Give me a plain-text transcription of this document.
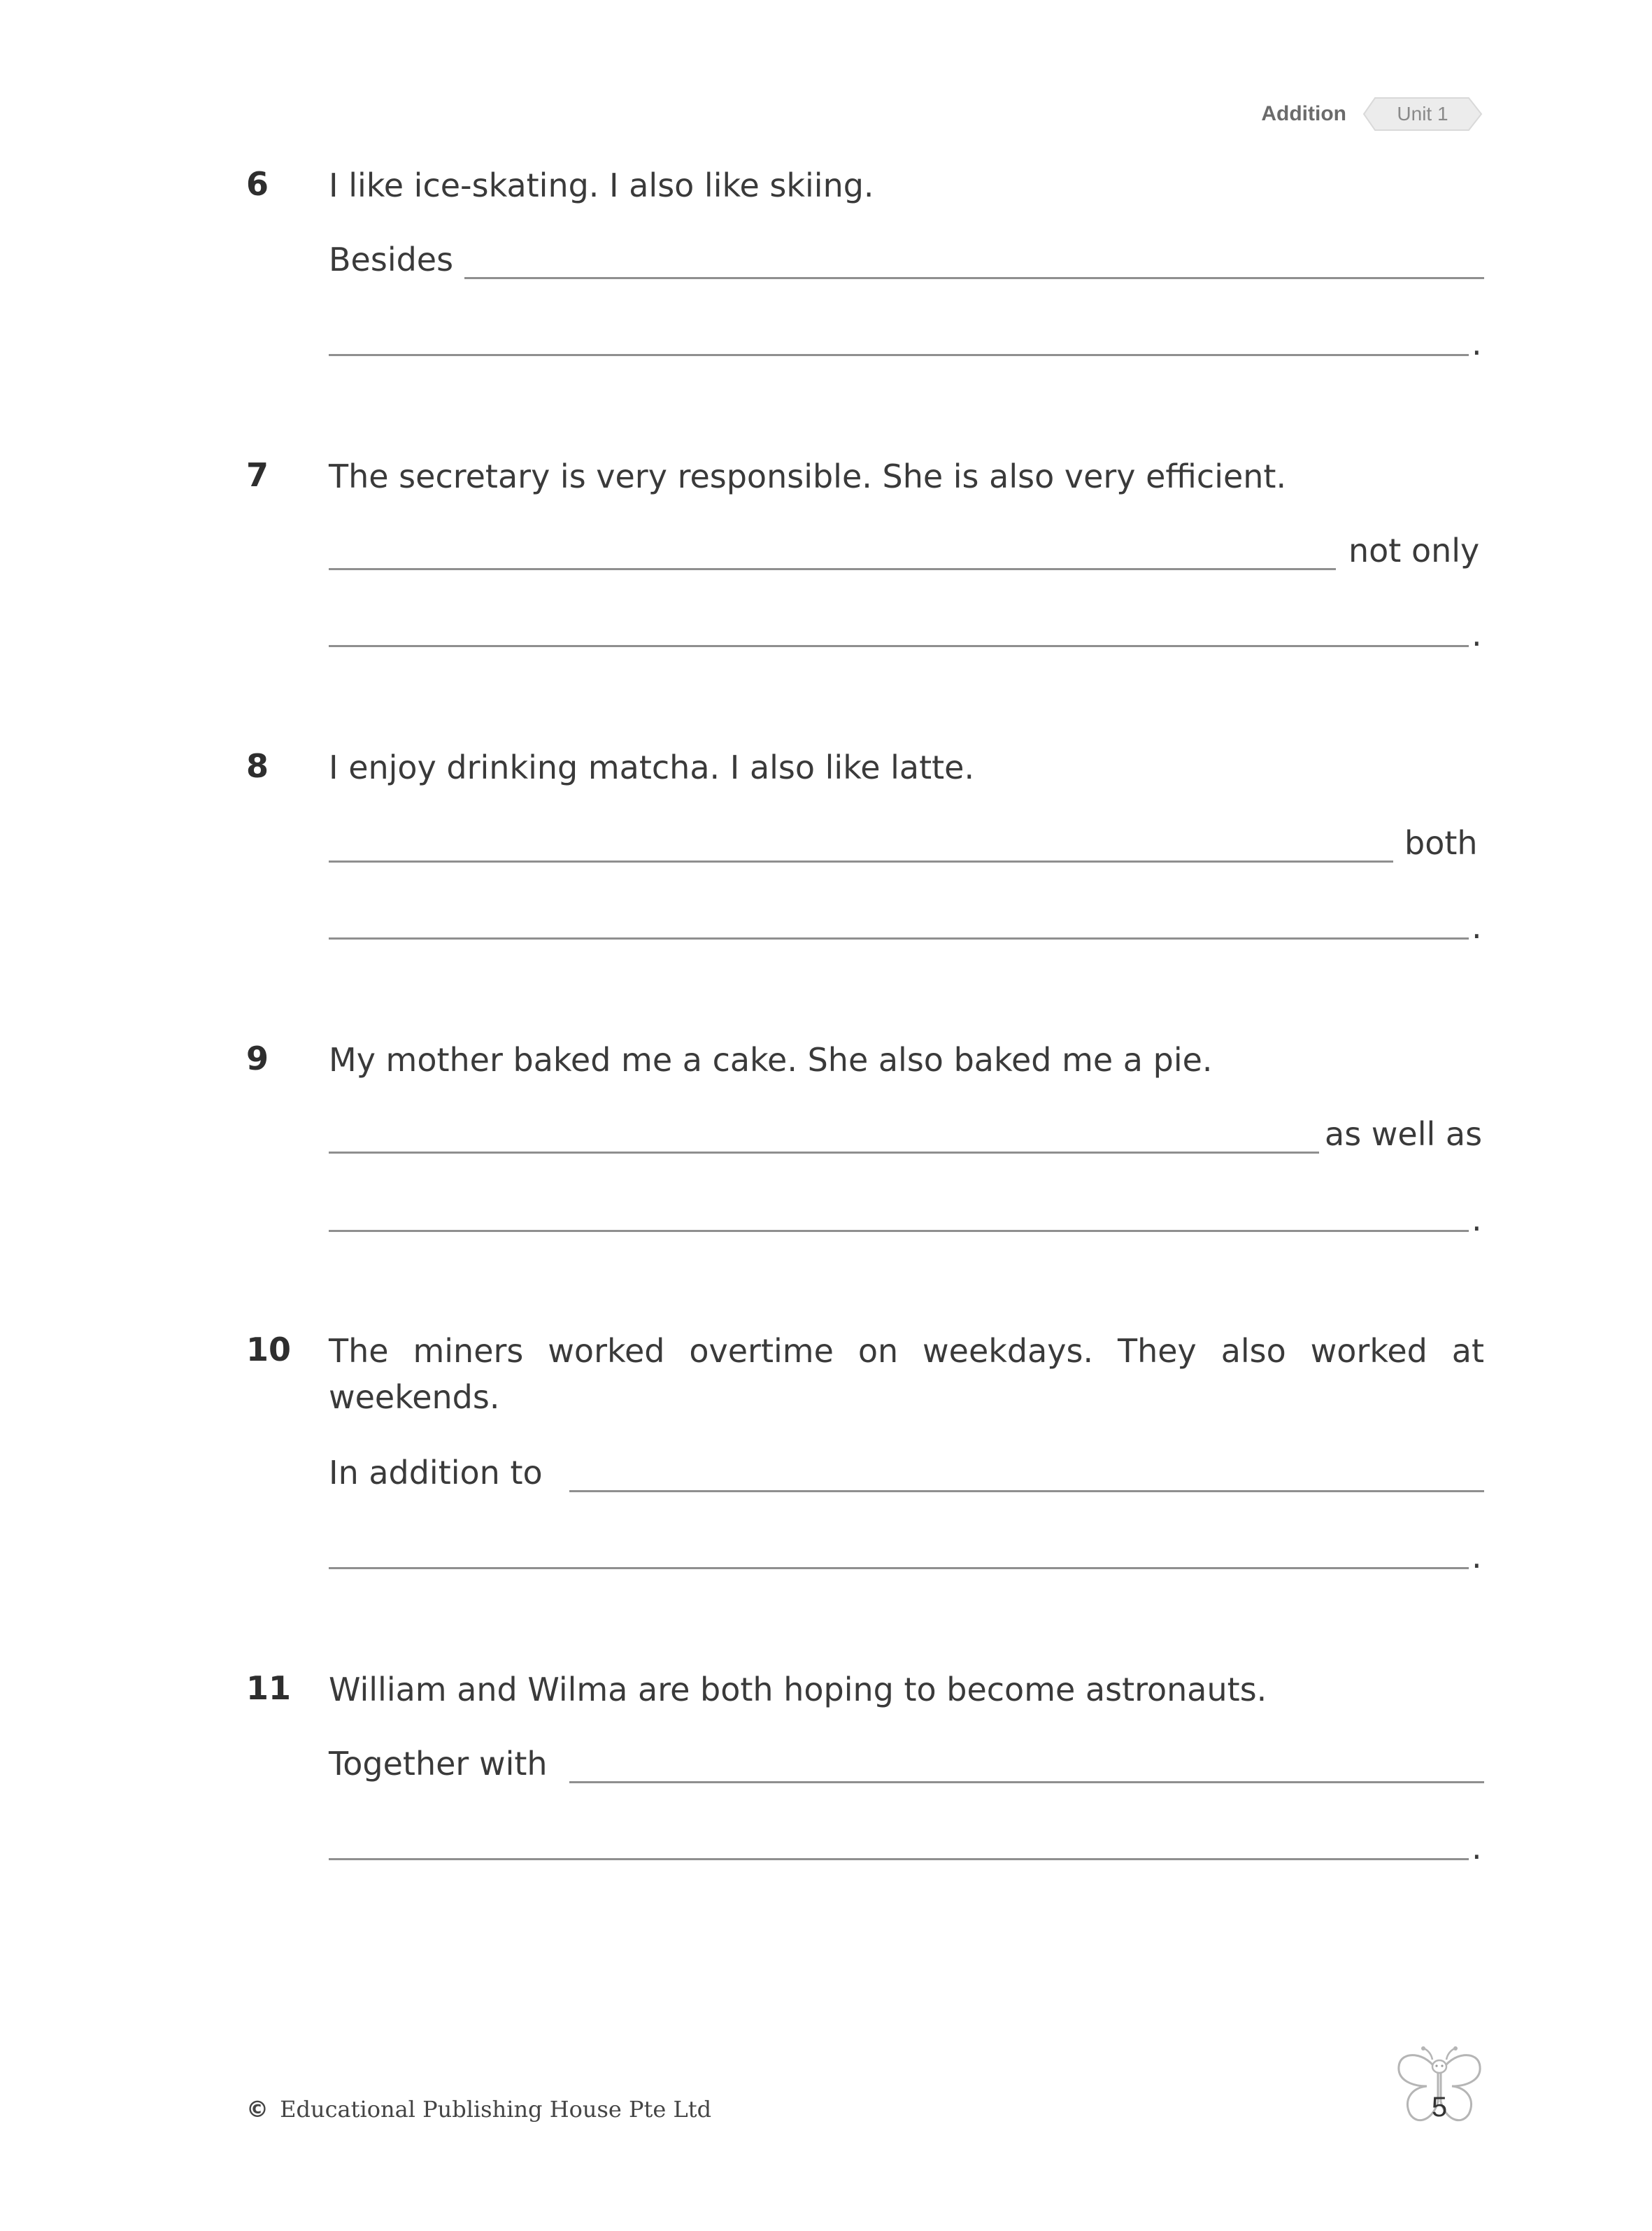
Addition	Unit 1
6	I like ice-skating. I also like skiing.
Besides
.
7	The secretary is very responsible. She is also very efficient.
not only
.
8	I enjoy drinking matcha. I also like latte.
both
.
9	My mother baked me a cake. She also baked me a pie.
as well as
.
10	The miners worked overtime on weekdays. They also worked at weekends.
In addition to
.
11	William and Wilma are both hoping to become astronauts.
Together with
.
© Educational Publishing House Pte Ltd	5
